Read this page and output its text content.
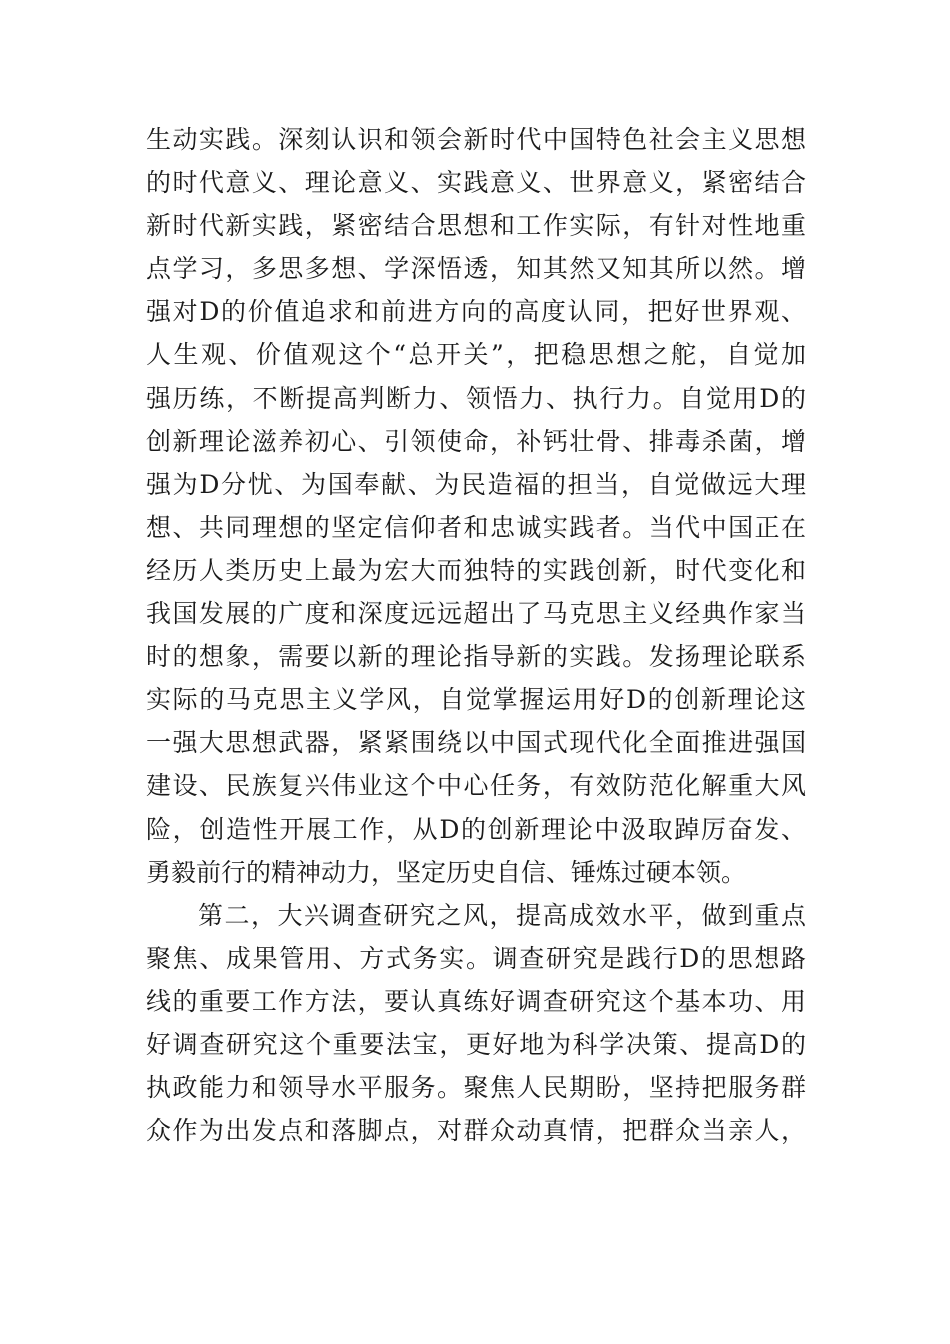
生动实践。深刻认识和领会新时代中国特色社会主义思想
的时代意义、理论意义、实践意义、世界意义，紧密结合
新时代新实践，紧密结合思想和工作实际，有针对性地重
点学习，多思多想、学深悟透，知其然又知其所以然。增
强对D的价值追求和前进方向的高度认同，把好世界观、
人生观、价值观这个“总开关”，把稳思想之舵，自觉加
强历练，不断提高判断力、领悟力、执行力。自觉用D的
创新理论滋养初心、引领使命，补钙壮骨、排毒杀菌，增
强为D分忧、为国奉献、为民造福的担当，自觉做远大理
想、共同理想的坚定信仰者和忠诚实践者。当代中国正在
经历人类历史上最为宏大而独特的实践创新，时代变化和
我国发展的广度和深度远远超出了马克思主义经典作家当
时的想象，需要以新的理论指导新的实践。发扬理论联系
实际的马克思主义学风，自觉掌握运用好D的创新理论这
一强大思想武器，紧紧围绕以中国式现代化全面推进强国
建设、民族复兴伟业这个中心任务，有效防范化解重大风
险，创造性开展工作，从D的创新理论中汲取踔厉奋发、
勇毅前行的精神动力，坚定历史自信、锤炼过硬本领。
第二，大兴调查研究之风，提高成效水平，做到重点
聚焦、成果管用、方式务实。调查研究是践行D的思想路
线的重要工作方法，要认真练好调查研究这个基本功、用
好调查研究这个重要法宝，更好地为科学决策、提高D的
执政能力和领导水平服务。聚焦人民期盼，坚持把服务群
众作为出发点和落脚点，对群众动真情，把群众当亲人，
